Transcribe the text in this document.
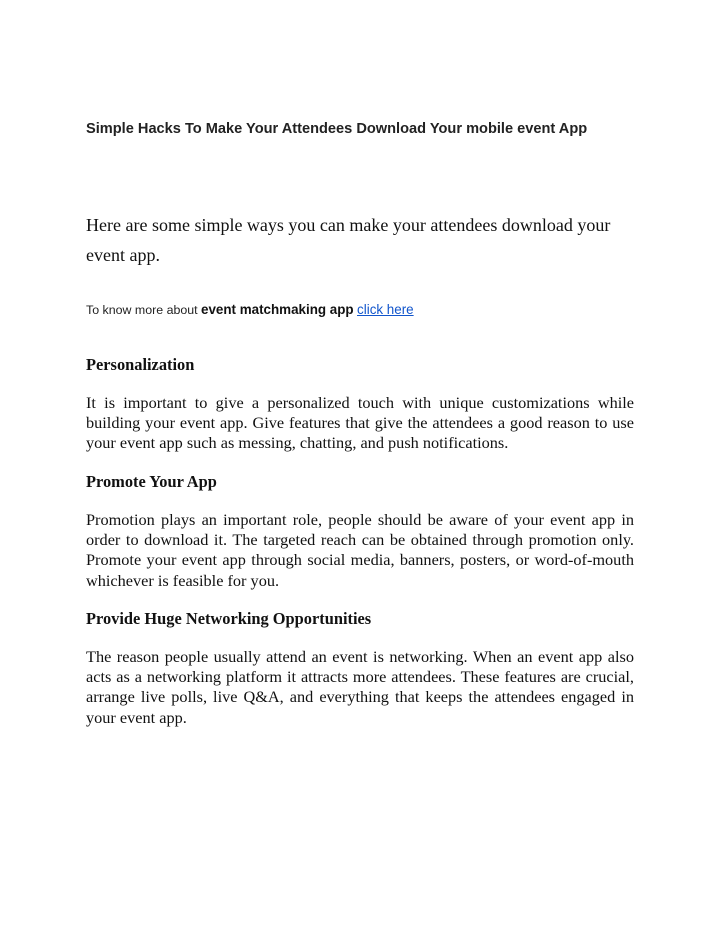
Simple Hacks To Make Your Attendees Download Your mobile event App
Here are some simple ways you can make your attendees download your event app.
To know more about event matchmaking app click here

Personalization

It is important to give a personalized touch with unique customizations while building your event app. Give features that give the attendees a good reason to use your event app such as messing, chatting, and push notifications.

Promote Your App

Promotion plays an important role, people should be aware of your event app in order to download it. The targeted reach can be obtained through promotion only. Promote your event app through social media, banners, posters, or word-of-mouth whichever is feasible for you.

Provide Huge Networking Opportunities

The reason people usually attend an event is networking. When an event app also acts as a networking platform it attracts more attendees. These features are crucial, arrange live polls, live Q&A, and everything that keeps the attendees engaged in your event app.
